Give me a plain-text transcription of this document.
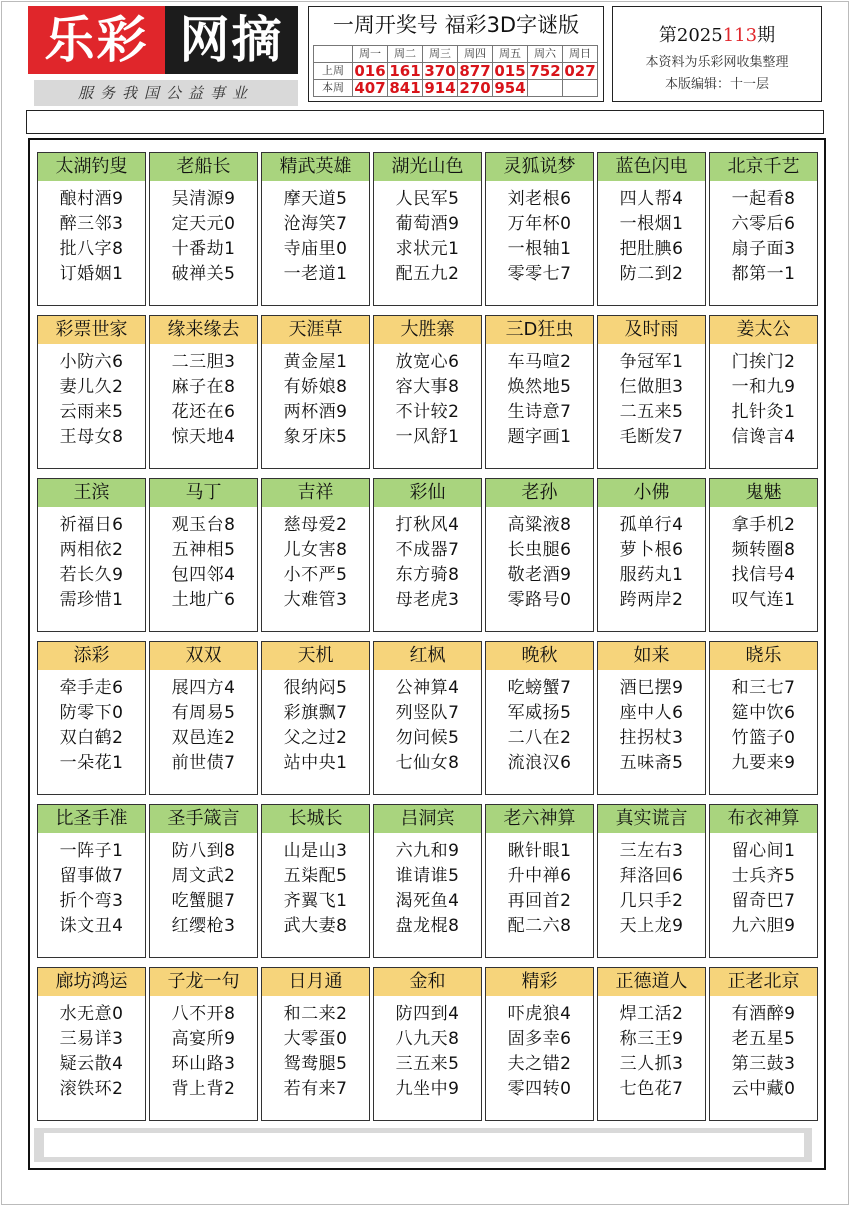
乐彩 网摘
服务我国公益事业
一周开奖号 福彩3D字谜版
	周一	周二	周三	周四	周五	周六	周日
上周	016	161	370	877	015	752	027
本周	407	841	914	270	954		
第2025113期
本资料为乐彩网收集整理
本版编辑：十一层
太湖钓叟
酿村酒9
醉三邻3
批八字8
订婚姻1
老船长
吴清源9
定天元0
十番劫1
破禅关5
精武英雄
摩天道5
沧海笑7
寺庙里0
一老道1
湖光山色
人民军5
葡萄酒9
求状元1
配五九2
灵狐说梦
刘老根6
万年杯0
一根轴1
零零七7
蓝色闪电
四人帮4
一根烟1
把肚腆6
防二到2
北京千艺
一起看8
六零后6
扇子面3
都第一1
彩票世家
小防六6
妻儿久2
云雨来5
王母女8
缘来缘去
二三胆3
麻子在8
花还在6
惊天地4
天涯草
黄金屋1
有娇娘8
两杯酒9
象牙床5
大胜寨
放宽心6
容大事8
不计较2
一风舒1
三D狂虫
车马喧2
焕然地5
生诗意7
题字画1
及时雨
争冠军1
仨做胆3
二五来5
毛断发7
姜太公
门挨门2
一和九9
扎针灸1
信谗言4
王滨
祈福日6
两相依2
若长久9
需珍惜1
马丁
观玉台8
五神相5
包四邻4
土地广6
吉祥
慈母爱2
儿女害8
小不严5
大难管3
彩仙
打秋风4
不成器7
东方骑8
母老虎3
老孙
高粱液8
长虫腿6
敬老酒9
零路号0
小佛
孤单行4
萝卜根6
服药丸1
跨两岸2
鬼魅
拿手机2
频转圈8
找信号4
叹气连1
添彩
牵手走6
防零下0
双白鹤2
一朵花1
双双
展四方4
有周易5
双邑连2
前世债7
天机
很纳闷5
彩旗飘7
父之过2
站中央1
红枫
公神算4
列竖队7
勿问候5
七仙女8
晚秋
吃螃蟹7
军威扬5
二八在2
流浪汉6
如来
酒巳摆9
座中人6
拄拐杖3
五味斋5
晓乐
和三七7
筵中饮6
竹篮子0
九要来9
比圣手准
一阵子1
留事做7
折个弯3
诛文丑4
圣手箴言
防八到8
周文武2
吃蟹腿7
红缨枪3
长城长
山是山3
五柒配5
齐翼飞1
武大妻8
吕洞宾
六九和9
谁请谁5
渴死鱼4
盘龙棍8
老六神算
瞅针眼1
升中禅6
再回首2
配二六8
真实谎言
三左右3
拜洛回6
几只手2
天上龙9
布衣神算
留心间1
士兵齐5
留奇巴7
九六胆9
廊坊鸿运
水无意0
三易详3
疑云散4
滚铁环2
子龙一句
八不开8
高宴所9
环山路3
背上背2
日月通
和二来2
大零蛋0
鸳鸯腿5
若有来7
金和
防四到4
八九天8
三五来5
九坐中9
精彩
吓虎狼4
固多幸6
夫之错2
零四转0
正德道人
焊工活2
称三王9
三人抓3
七色花7
正老北京
有酒醉9
老五星5
第三鼓3
云中藏0
